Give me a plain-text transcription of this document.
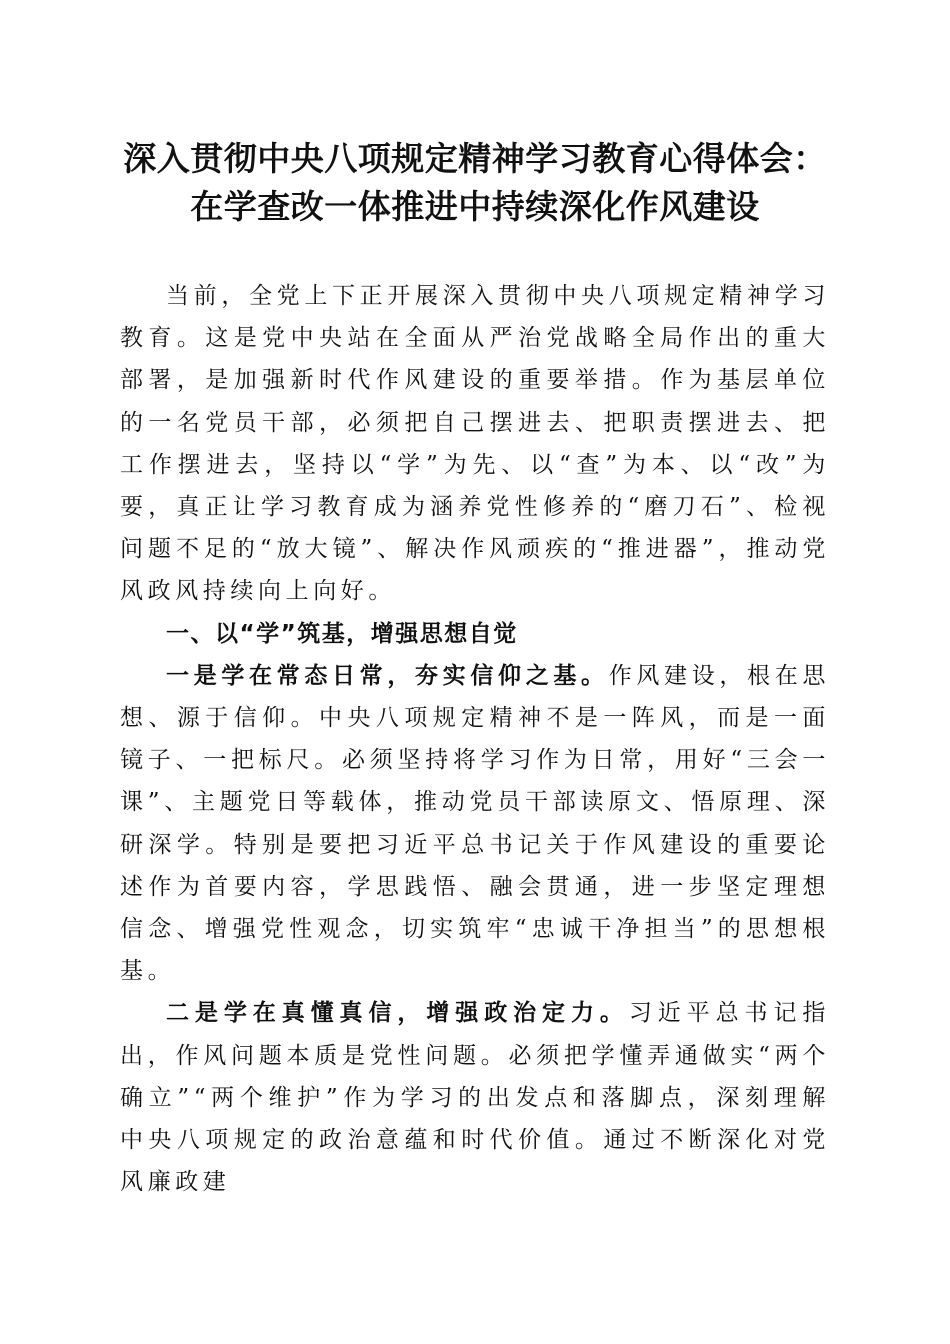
深入贯彻中央八项规定精神学习教育心得体会：
在学查改一体推进中持续深化作风建设

当前，全党上下正开展深入贯彻中央八项规定精神学习教育。这是党中央站在全面从严治党战略全局作出的重大部署，是加强新时代作风建设的重要举措。作为基层单位的一名党员干部，必须把自己摆进去、把职责摆进去、把工作摆进去，坚持以“学”为先、以“查”为本、以“改”为要，真正让学习教育成为涵养党性修养的“磨刀石”、检视问题不足的“放大镜”、解决作风顽疾的“推进器”，推动党风政风持续向上向好。

一、以“学”筑基，增强思想自觉

一是学在常态日常，夯实信仰之基。作风建设，根在思想、源于信仰。中央八项规定精神不是一阵风，而是一面镜子、一把标尺。必须坚持将学习作为日常，用好“三会一课”、主题党日等载体，推动党员干部读原文、悟原理、深研深学。特别是要把习近平总书记关于作风建设的重要论述作为首要内容，学思践悟、融会贯通，进一步坚定理想信念、增强党性观念，切实筑牢“忠诚干净担当”的思想根基。

二是学在真懂真信，增强政治定力。习近平总书记指出，作风问题本质是党性问题。必须把学懂弄通做实“两个确立”“两个维护”作为学习的出发点和落脚点，深刻理解中央八项规定的政治意蕴和时代价值。通过不断深化对党风廉政建
